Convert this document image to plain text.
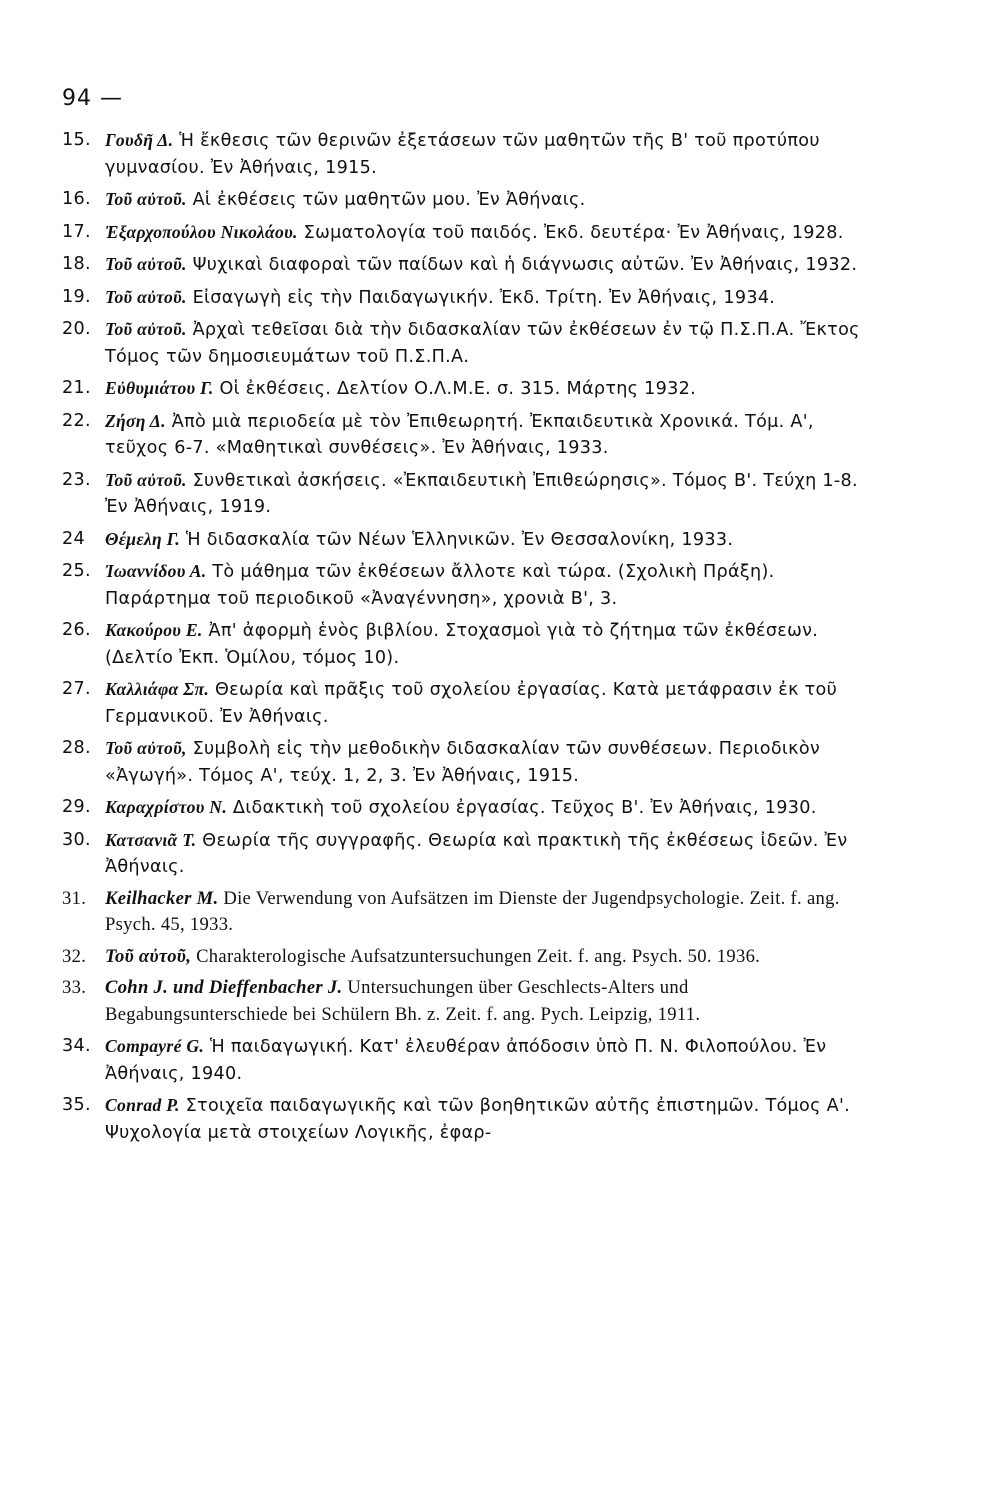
94 —
15. Γουδῆ Δ. Ἡ ἔκθεσις τῶν θερινῶν ἐξετάσεων τῶν μαθητῶν τῆς Β' τοῦ προτύπου γυμνασίου. Ἐν Ἀθήναις, 1915.
16. Τοῦ αὐτοῦ. Αἱ ἐκθέσεις τῶν μαθητῶν μου. Ἐν Ἀθήναις.
17. Ἐξαρχοπούλου Νικολάου. Σωματολογία τοῦ παιδός. Ἐκδ. δευτέρα· Ἐν Ἀθήναις, 1928.
18. Τοῦ αὐτοῦ. Ψυχικαὶ διαφοραὶ τῶν παίδων καὶ ἡ διάγνωσις αὐτῶν. Ἐν Ἀθήναις, 1932.
19. Τοῦ αὐτοῦ. Εἰσαγωγὴ εἰς τὴν Παιδαγωγικήν. Ἐκδ. Τρίτη. Ἐν Ἀθήναις, 1934.
20. Τοῦ αὐτοῦ. Ἀρχαὶ τεθεῖσαι διὰ τὴν διδασκαλίαν τῶν ἐκθέσεων ἐν τῷ Π.Σ.Π.Α. Ἔκτος Τόμος τῶν δημοσιευμάτων τοῦ Π.Σ.Π.Α.
21. Εὐθυμιάτου Γ. Οἱ ἐκθέσεις. Δελτίον Ο.Λ.Μ.Ε. σ. 315. Μάρτης 1932.
22. Ζήση Δ. Ἀπὸ μιὰ περιοδεία μὲ τὸν Ἐπιθεωρητή. Ἐκπαιδευτικὰ Χρονικά. Τόμ. Α', τεῦχος 6-7. «Μαθητικαὶ συνθέσεις». Ἐν Ἀθήναις, 1933.
23. Τοῦ αὐτοῦ. Συνθετικαὶ ἀσκήσεις. «Ἐκπαιδευτικὴ Ἐπιθεώρησις». Τόμος Β'. Τεύχη 1-8. Ἐν Ἀθήναις, 1919.
24 Θέμελη Γ. Ἡ διδασκαλία τῶν Νέων Ἑλληνικῶν. Ἐν Θεσσαλονίκη, 1933.
25. Ἰωαννίδου Α. Τὸ μάθημα τῶν ἐκθέσεων ἄλλοτε καὶ τώρα. (Σχολικὴ Πράξη). Παράρτημα τοῦ περιοδικοῦ «Ἀναγέννηση», χρονιὰ Β', 3.
26. Κακούρου Ε. Ἀπ' ἀφορμὴ ἑνὸς βιβλίου. Στοχασμοὶ γιὰ τὸ ζήτημα τῶν ἐκθέσεων. (Δελτίο Ἐκπ. Ὁμίλου, τόμος 10).
27. Καλλιάφα Σπ. Θεωρία καὶ πρᾶξις τοῦ σχολείου ἐργασίας. Κατὰ μετάφρασιν ἐκ τοῦ Γερμανικοῦ. Ἐν Ἀθήναις.
28. Τοῦ αὐτοῦ, Συμβολὴ εἰς τὴν μεθοδικὴν διδασκαλίαν τῶν συνθέσεων. Περιοδικὸν «Ἀγωγή». Τόμος Α', τεύχ. 1, 2, 3. Ἐν Ἀθήναις, 1915.
29. Καραχρίστου Ν. Διδακτικὴ τοῦ σχολείου ἐργασίας. Τεῦχος Β'. Ἐν Ἀθήναις, 1930.
30. Κατσανιᾶ Τ. Θεωρία τῆς συγγραφῆς. Θεωρία καὶ πρακτικὴ τῆς ἐκθέσεως ἰδεῶν. Ἐν Ἀθήναις.
31. Keilhacker M. Die Verwendung von Aufsätzen im Dienste der Jugendpsychologie. Zeit. f. ang. Psych. 45, 1933.
32. Τοῦ αὐτοῦ, Charakterologische Aufsatzuntersuchungen Zeit. f. ang. Psych. 50. 1936.
33. Cohn J. und Dieffenbacher J. Untersuchungen über Geschlects-Alters und Begabungsunterschiede bei Schülern Bh. z. Zeit. f. ang. Pych. Leipzig, 1911.
34. Compayré G. Ἡ παιδαγωγική. Κατ' ἐλευθέραν ἀπόδοσιν ὑπὸ Π. Ν. Φιλοπούλου. Ἐν Ἀθήναις, 1940.
35. Conrad P. Στοιχεῖα παιδαγωγικῆς καὶ τῶν βοηθητικῶν αὐτῆς ἐπιστημῶν. Τόμος Α'. Ψυχολογία μετὰ στοιχείων Λογικῆς, ἐφαρ-
